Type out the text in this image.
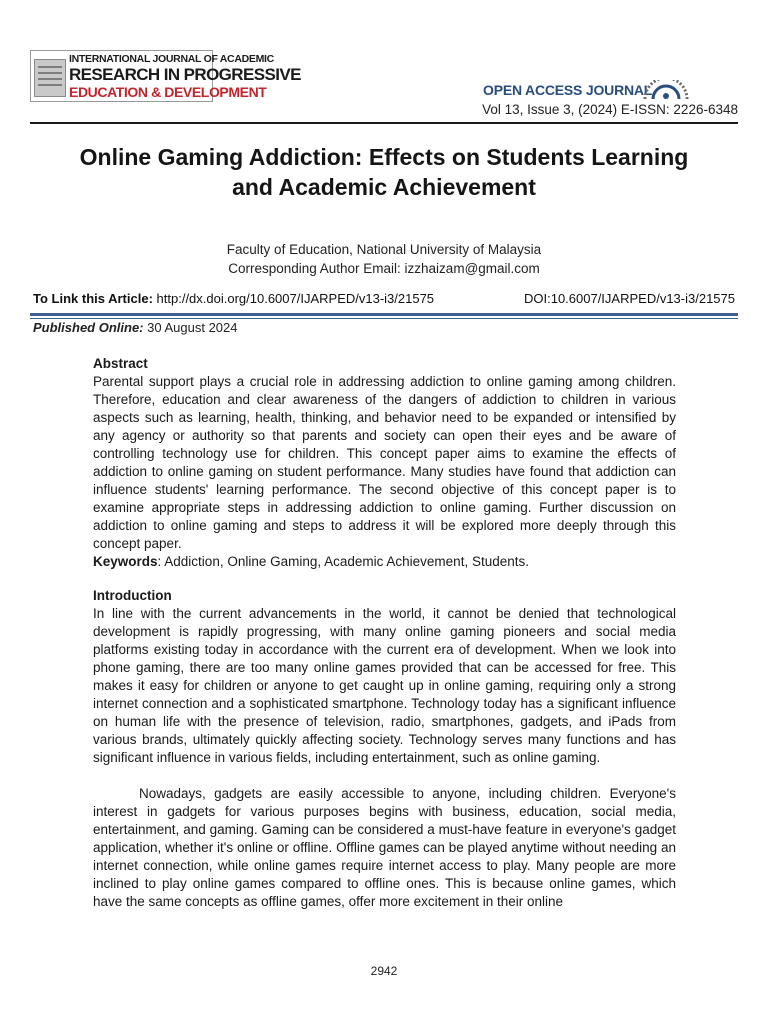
INTERNATIONAL JOURNAL OF ACADEMIC
RESEARCH IN PROGRESSIVE
EDUCATION & DEVELOPMENT	OPEN ACCESS JOURNAL
Vol 13, Issue 3, (2024) E-ISSN: 2226-6348
Online Gaming Addiction: Effects on Students Learning and Academic Achievement
Faculty of Education, National University of Malaysia
Corresponding Author Email: izzhaizam@gmail.com
To Link this Article: http://dx.doi.org/10.6007/IJARPED/v13-i3/21575	DOI:10.6007/IJARPED/v13-i3/21575
Published Online: 30 August 2024
Abstract
Parental support plays a crucial role in addressing addiction to online gaming among children. Therefore, education and clear awareness of the dangers of addiction to children in various aspects such as learning, health, thinking, and behavior need to be expanded or intensified by any agency or authority so that parents and society can open their eyes and be aware of controlling technology use for children. This concept paper aims to examine the effects of addiction to online gaming on student performance. Many studies have found that addiction can influence students' learning performance. The second objective of this concept paper is to examine appropriate steps in addressing addiction to online gaming. Further discussion on addiction to online gaming and steps to address it will be explored more deeply through this concept paper.
Keywords: Addiction, Online Gaming, Academic Achievement, Students.
Introduction
In line with the current advancements in the world, it cannot be denied that technological development is rapidly progressing, with many online gaming pioneers and social media platforms existing today in accordance with the current era of development. When we look into phone gaming, there are too many online games provided that can be accessed for free. This makes it easy for children or anyone to get caught up in online gaming, requiring only a strong internet connection and a sophisticated smartphone. Technology today has a significant influence on human life with the presence of television, radio, smartphones, gadgets, and iPads from various brands, ultimately quickly affecting society. Technology serves many functions and has significant influence in various fields, including entertainment, such as online gaming.
Nowadays, gadgets are easily accessible to anyone, including children. Everyone's interest in gadgets for various purposes begins with business, education, social media, entertainment, and gaming. Gaming can be considered a must-have feature in everyone's gadget application, whether it's online or offline. Offline games can be played anytime without needing an internet connection, while online games require internet access to play. Many people are more inclined to play online games compared to offline ones. This is because online games, which have the same concepts as offline games, offer more excitement in their online
2942
